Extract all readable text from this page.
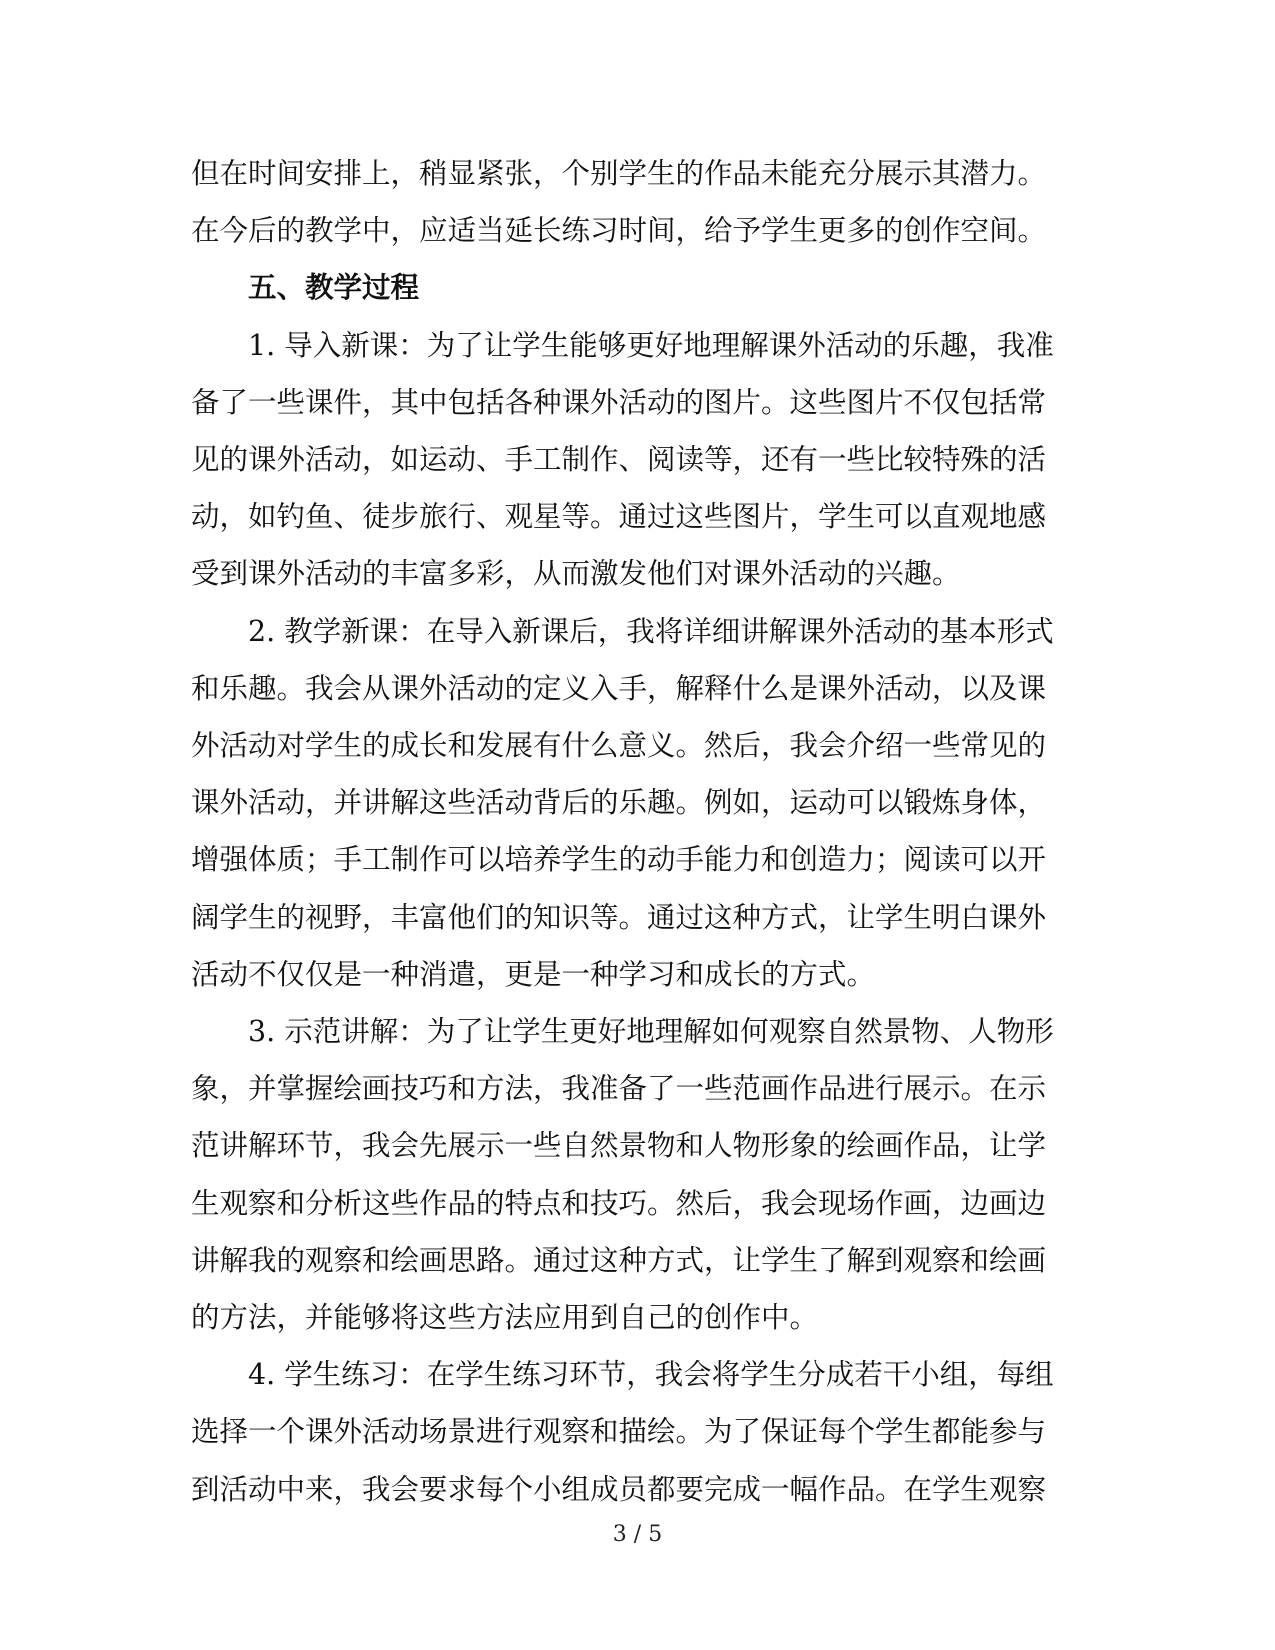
但在时间安排上，稍显紧张，个别学生的作品未能充分展示其潜力。
在今后的教学中，应适当延长练习时间，给予学生更多的创作空间。

五、教学过程

1. 导入新课：为了让学生能够更好地理解课外活动的乐趣，我准
备了一些课件，其中包括各种课外活动的图片。这些图片不仅包括常
见的课外活动，如运动、手工制作、阅读等，还有一些比较特殊的活
动，如钓鱼、徒步旅行、观星等。通过这些图片，学生可以直观地感
受到课外活动的丰富多彩，从而激发他们对课外活动的兴趣。

2. 教学新课：在导入新课后，我将详细讲解课外活动的基本形式
和乐趣。我会从课外活动的定义入手，解释什么是课外活动，以及课
外活动对学生的成长和发展有什么意义。然后，我会介绍一些常见的
课外活动，并讲解这些活动背后的乐趣。例如，运动可以锻炼身体，
增强体质；手工制作可以培养学生的动手能力和创造力；阅读可以开
阔学生的视野，丰富他们的知识等。通过这种方式，让学生明白课外
活动不仅仅是一种消遣，更是一种学习和成长的方式。

3. 示范讲解：为了让学生更好地理解如何观察自然景物、人物形
象，并掌握绘画技巧和方法，我准备了一些范画作品进行展示。在示
范讲解环节，我会先展示一些自然景物和人物形象的绘画作品，让学
生观察和分析这些作品的特点和技巧。然后，我会现场作画，边画边
讲解我的观察和绘画思路。通过这种方式，让学生了解到观察和绘画
的方法，并能够将这些方法应用到自己的创作中。

4. 学生练习：在学生练习环节，我会将学生分成若干小组，每组
选择一个课外活动场景进行观察和描绘。为了保证每个学生都能参与
到活动中来，我会要求每个小组成员都要完成一幅作品。在学生观察

3 / 5
